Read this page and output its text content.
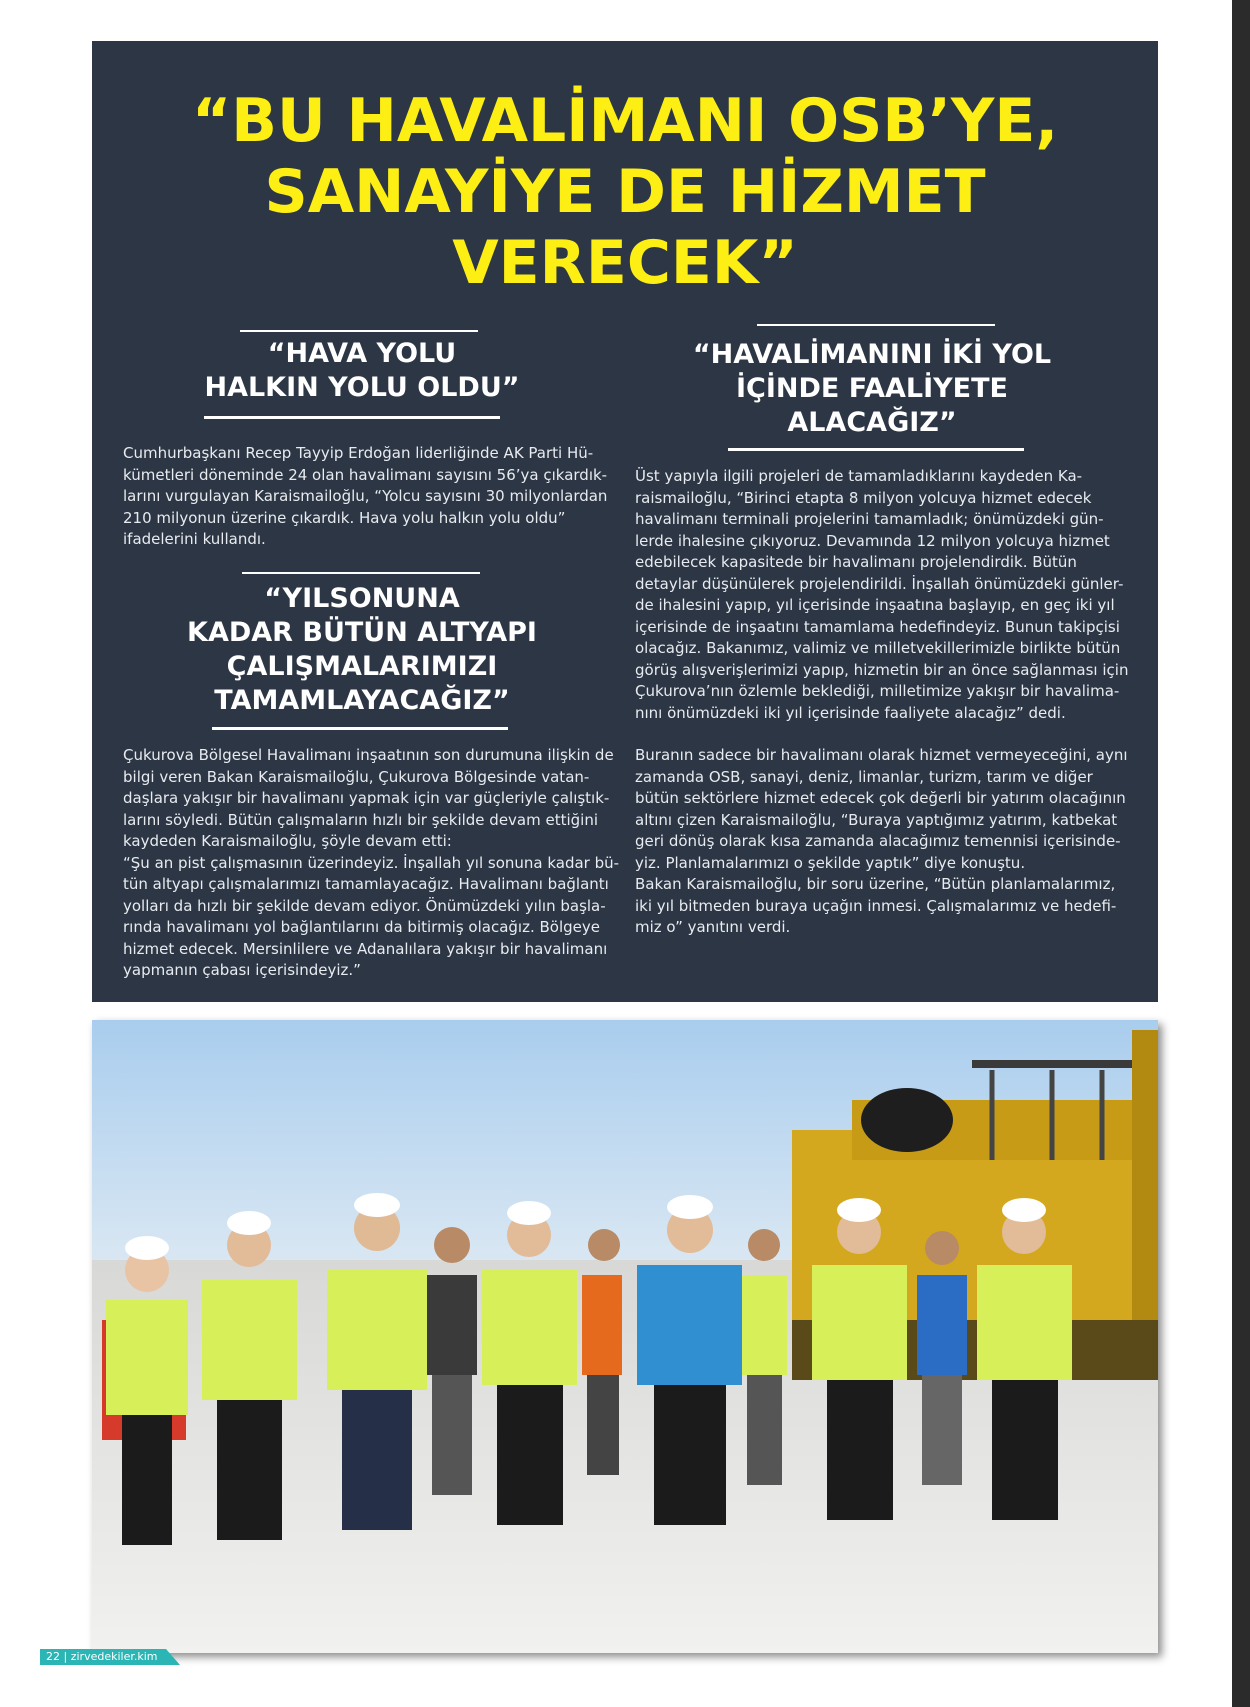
“BU HAVALİMANI OSB’YE,
SANAYİYE DE HİZMET
VERECEK”
“HAVA YOLU
HALKIN YOLU OLDU”

Cumhurbaşkanı Recep Tayyip Erdoğan liderliğinde AK Parti Hü-
kümetleri döneminde 24 olan havalimanı sayısını 56’ya çıkardık-
larını vurgulayan Karaismailoğlu, “Yolcu sayısını 30 milyonlardan
210 milyonun üzerine çıkardık. Hava yolu halkın yolu oldu”
ifadelerini kullandı.

“YILSONUNA
KADAR BÜTÜN ALTYAPI
ÇALIŞMALARIMIZI
TAMAMLAYACAĞIZ”

Çukurova Bölgesel Havalimanı inşaatının son durumuna ilişkin de
bilgi veren Bakan Karaismailoğlu, Çukurova Bölgesinde vatan-
daşlara yakışır bir havalimanı yapmak için var güçleriyle çalıştık-
larını söyledi. Bütün çalışmaların hızlı bir şekilde devam ettiğini
kaydeden Karaismailoğlu, şöyle devam etti:
“Şu an pist çalışmasının üzerindeyiz. İnşallah yıl sonuna kadar bü-
tün altyapı çalışmalarımızı tamamlayacağız. Havalimanı bağlantı
yolları da hızlı bir şekilde devam ediyor. Önümüzdeki yılın başla-
rında havalimanı yol bağlantılarını da bitirmiş olacağız. Bölgeye
hizmet edecek. Mersinlilere ve Adanalılara yakışır bir havalimanı
yapmanın çabası içerisindeyiz.”

“HAVALİMANINI İKİ YOL
İÇİNDE FAALİYETE
ALACAĞIZ”

Üst yapıyla ilgili projeleri de tamamladıklarını kaydeden Ka-
raismailoğlu, “Birinci etapta 8 milyon yolcuya hizmet edecek
havalimanı terminali projelerini tamamladık; önümüzdeki gün-
lerde ihalesine çıkıyoruz. Devamında 12 milyon yolcuya hizmet
edebilecek kapasitede bir havalimanı projelendirdik. Bütün
detaylar düşünülerek projelendirildi. İnşallah önümüzdeki günler-
de ihalesini yapıp, yıl içerisinde inşaatına başlayıp, en geç iki yıl
içerisinde de inşaatını tamamlama hedefindeyiz. Bunun takipçisi
olacağız. Bakanımız, valimiz ve milletvekillerimizle birlikte bütün
görüş alışverişlerimizi yapıp, hizmetin bir an önce sağlanması için
Çukurova’nın özlemle beklediği, milletimize yakışır bir havalima-
nını önümüzdeki iki yıl içerisinde faaliyete alacağız” dedi.

Buranın sadece bir havalimanı olarak hizmet vermeyeceğini, aynı
zamanda OSB, sanayi, deniz, limanlar, turizm, tarım ve diğer
bütün sektörlere hizmet edecek çok değerli bir yatırım olacağının
altını çizen Karaismailoğlu, “Buraya yaptığımız yatırım, katbekat
geri dönüş olarak kısa zamanda alacağımız temennisi içerisinde-
yiz. Planlamalarımızı o şekilde yaptık” diye konuştu.
Bakan Karaismailoğlu, bir soru üzerine, “Bütün planlamalarımız,
iki yıl bitmeden buraya uçağın inmesi. Çalışmalarımız ve hedefi-
miz o” yanıtını verdi.

22 | zirvedekiler.kim
